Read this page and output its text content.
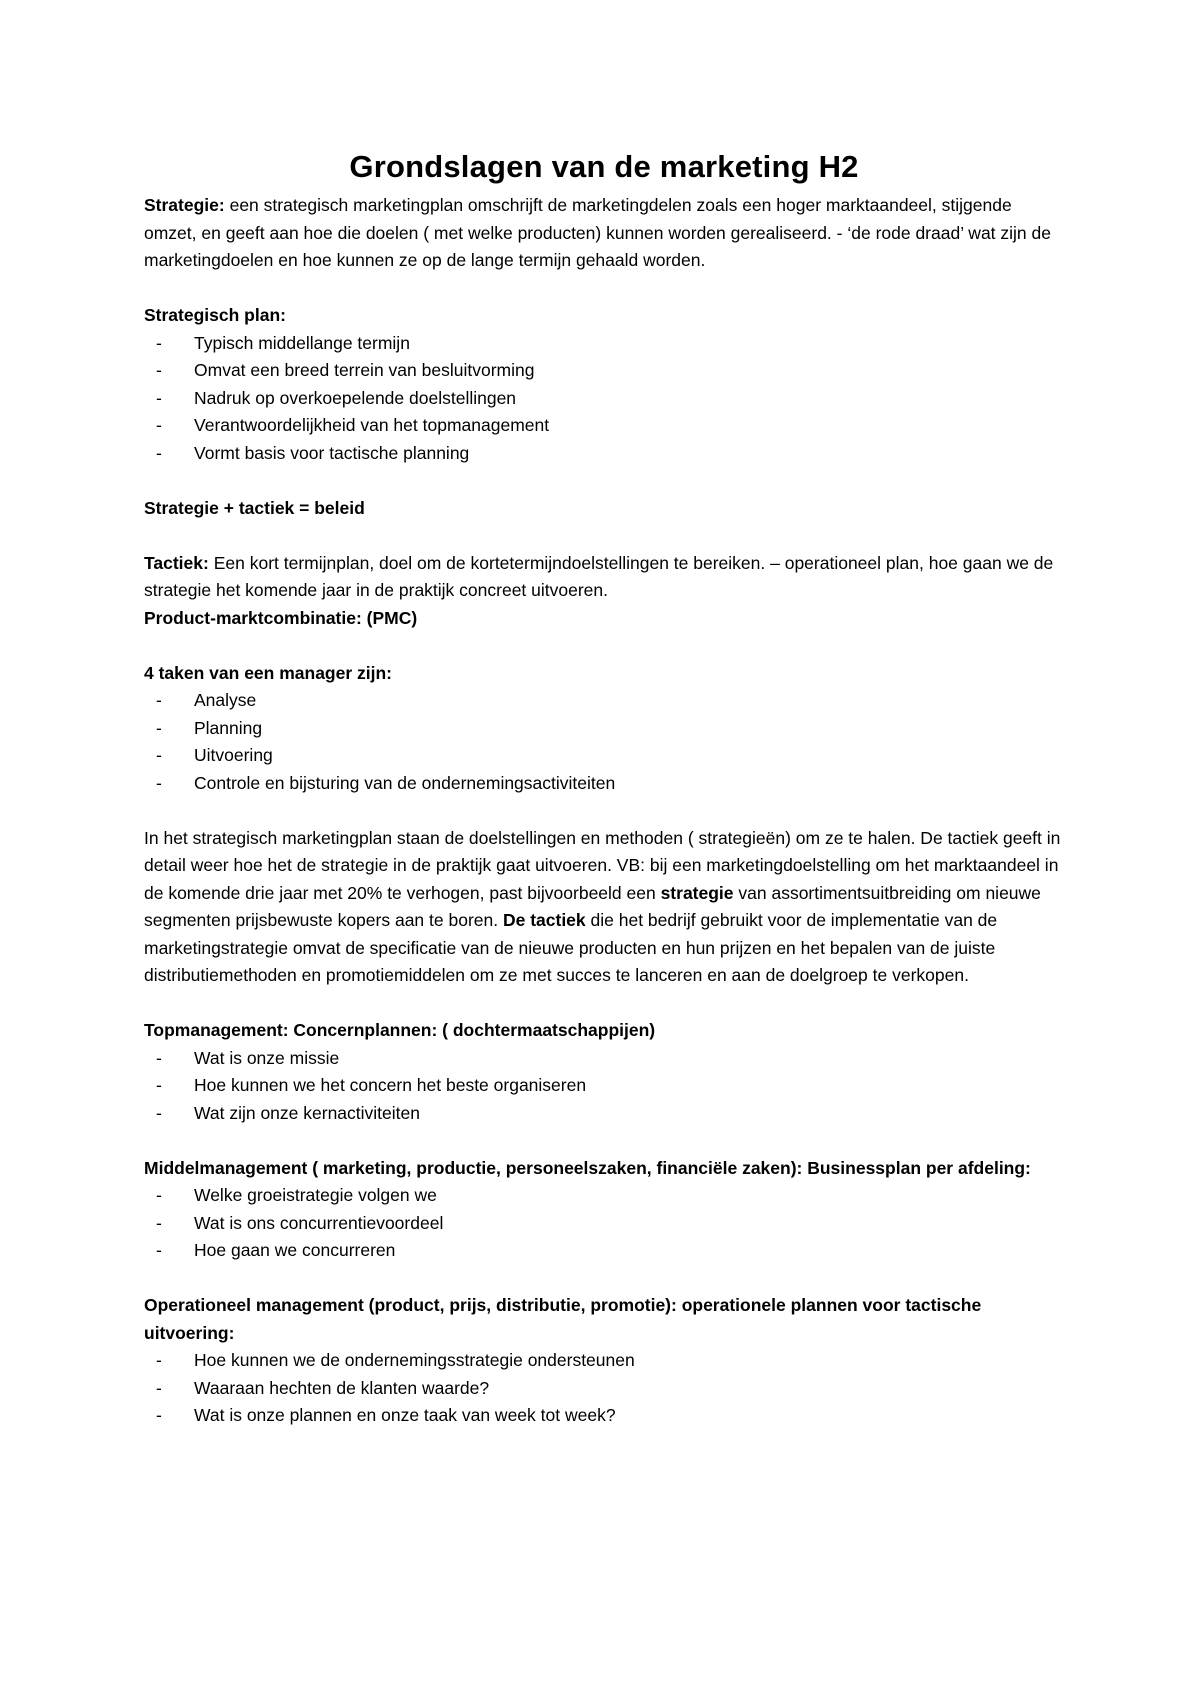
Grondslagen van de marketing H2

Strategie: een strategisch marketingplan omschrijft de marketingdelen zoals een hoger marktaandeel, stijgende omzet, en geeft aan hoe die doelen ( met welke producten) kunnen worden gerealiseerd. - ‘de rode draad’ wat zijn de marketingdoelen en hoe kunnen ze op de lange termijn gehaald worden.

Strategisch plan:

- Typisch middellange termijn
- Omvat een breed terrein van besluitvorming
- Nadruk op overkoepelende doelstellingen
- Verantwoordelijkheid van het topmanagement
- Vormt basis voor tactische planning

Strategie + tactiek = beleid

Tactiek: Een kort termijnplan, doel om de kortetermijndoelstellingen te bereiken. – operationeel plan, hoe gaan we de strategie het komende jaar in de praktijk concreet uitvoeren.

Product-marktcombinatie: (PMC)

4 taken van een manager zijn:

- Analyse
- Planning
- Uitvoering
- Controle en bijsturing van de ondernemingsactiviteiten

In het strategisch marketingplan staan de doelstellingen en methoden ( strategieën) om ze te halen. De tactiek geeft in detail weer hoe het de strategie in de praktijk gaat uitvoeren. VB: bij een marketingdoelstelling om het marktaandeel in de komende drie jaar met 20% te verhogen, past bijvoorbeeld een strategie van assortimentsuitbreiding om nieuwe segmenten prijsbewuste kopers aan te boren. De tactiek die het bedrijf gebruikt voor de implementatie van de marketingstrategie omvat de specificatie van de nieuwe producten en hun prijzen en het bepalen van de juiste distributiemethoden en promotiemiddelen om ze met succes te lanceren en aan de doelgroep te verkopen.

Topmanagement: Concernplannen: ( dochtermaatschappijen)

- Wat is onze missie
- Hoe kunnen we het concern het beste organiseren
- Wat zijn onze kernactiviteiten

Middelmanagement ( marketing, productie, personeelszaken, financiële zaken): Businessplan per afdeling:

- Welke groeistrategie volgen we
- Wat is ons concurrentievoordeel
- Hoe gaan we concurreren

Operationeel management (product, prijs, distributie, promotie): operationele plannen voor tactische uitvoering:

- Hoe kunnen we de ondernemingsstrategie ondersteunen
- Waaraan hechten de klanten waarde?
- Wat is onze plannen en onze taak van week tot week?
